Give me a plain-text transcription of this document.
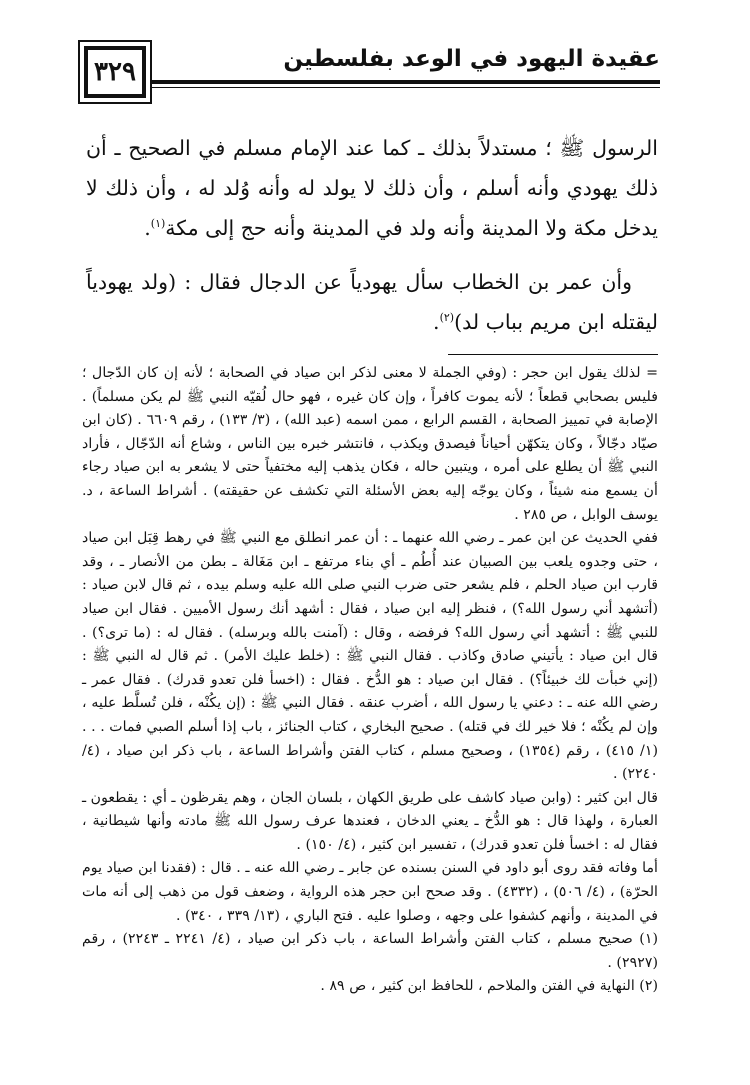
عقيدة اليهود في الوعد بفلسطين
٣٢٩

الرسول ﷺ ؛ مستدلاً بذلك ـ كما عند الإمام مسلم في الصحيح ـ أن ذلك يهودي وأنه أسلم ، وأن ذلك لا يولد له وأنه وُلد له ، وأن ذلك لا يدخل مكة ولا المدينة وأنه ولد في المدينة وأنه حج إلى مكة$^{(١)}$.

وأن عمر بن الخطاب سأل يهودياً عن الدجال فقال : (ولد يهودياً ليقتله ابن مريم بباب لد)$^{(٢)}$.

= لذلك يقول ابن حجر : (وفي الجملة لا معنى لذكر ابن صياد في الصحابة ؛ لأنه إن كان الدّجال ؛ فليس بصحابي قطعاً ؛ لأنه يموت كافراً ، وإن كان غيره ، فهو حال لُقيّه النبي ﷺ لم يكن مسلماً) . الإصابة في تمييز الصحابة ، القسم الرابع ، ممن اسمه (عبد الله) ، (٣/ ١٣٣) ، رقم ٦٦٠٩ . (كان ابن صيّاد دجّالاً ، وكان يتكهّن أحياناً فيصدق ويكذب ، فانتشر خبره بين الناس ، وشاع أنه الدّجّال ، فأراد النبي ﷺ أن يطلع على أمره ، ويتبين حاله ، فكان يذهب إليه مختفياً حتى لا يشعر به ابن صياد رجاء أن يسمع منه شيئاً ، وكان يوجّه إليه بعض الأسئلة التي تكشف عن حقيقته) . أشراط الساعة ، د. يوسف الوابل ، ص ٢٨٥ .

ففي الحديث عن ابن عمر ـ رضي الله عنهما ـ : أن عمر انطلق مع النبي ﷺ في رهط قِبَل ابن صياد ، حتى وجدوه يلعب بين الصبيان عند أُطُم ـ أي بناء مرتفع ـ ابن مَغَالة ـ بطن من الأنصار ـ ، وقد قارب ابن صياد الحلم ، فلم يشعر حتى ضرب النبي صلى الله عليه وسلم بيده ، ثم قال لابن صياد : (أتشهد أني رسول الله؟) ، فنظر إليه ابن صياد ، فقال : أشهد أنك رسول الأميين . فقال ابن صياد للنبي ﷺ : أتشهد أني رسول الله؟ فرفضه ، وقال : (آمنت بالله وبرسله) . فقال له : (ما ترى؟) . قال ابن صياد : يأتيني صادق وكاذب . فقال النبي ﷺ : (خلط عليك الأمر) . ثم قال له النبي ﷺ : (إني خبأت لك خبيئاً؟) . فقال ابن صياد : هو الدُّخ . فقال : (اخسأ فلن تعدو قدرك) . فقال عمر ـ رضي الله عنه ـ : دعني يا رسول الله ، أضرب عنقه . فقال النبي ﷺ : (إن يكُنْه ، فلن تُسلَّط عليه ، وإن لم يكُنْه ؛ فلا خير لك في قتله) . صحيح البخاري ، كتاب الجنائز ، باب إذا أسلم الصبي فمات . . . (١/ ٤١٥) ، رقم (١٣٥٤) ، وصحيح مسلم ، كتاب الفتن وأشراط الساعة ، باب ذكر ابن صياد ، (٤/ ٢٢٤٠) .

قال ابن كثير : (وابن صياد كاشف على طريق الكهان ، بلسان الجان ، وهم يقرظون ـ أي : يقطعون ـ العبارة ، ولهذا قال : هو الدُّخ ـ يعني الدخان ، فعندها عرف رسول الله ﷺ مادته وأنها شيطانية ، فقال له : اخسأ فلن تعدو قدرك) ، تفسير ابن كثير ، (٤/ ١٥٠) .

أما وفاته فقد روى أبو داود في السنن بسنده عن جابر ـ رضي الله عنه ـ . قال : (فقدنا ابن صياد يوم الحرّة) ، (٤/ ٥٠٦) ، (٤٣٣٢) . وقد صحح ابن حجر هذه الرواية ، وضعف قول من ذهب إلى أنه مات في المدينة ، وأنهم كشفوا على وجهه ، وصلوا عليه . فتح الباري ، (١٣/ ٣٣٩ ، ٣٤٠) .

(١) صحيح مسلم ، كتاب الفتن وأشراط الساعة ، باب ذكر ابن صياد ، (٤/ ٢٢٤١ ـ ٢٢٤٣) ، رقم (٢٩٢٧) .

(٢) النهاية في الفتن والملاحم ، للحافظ ابن كثير ، ص ٨٩ .
